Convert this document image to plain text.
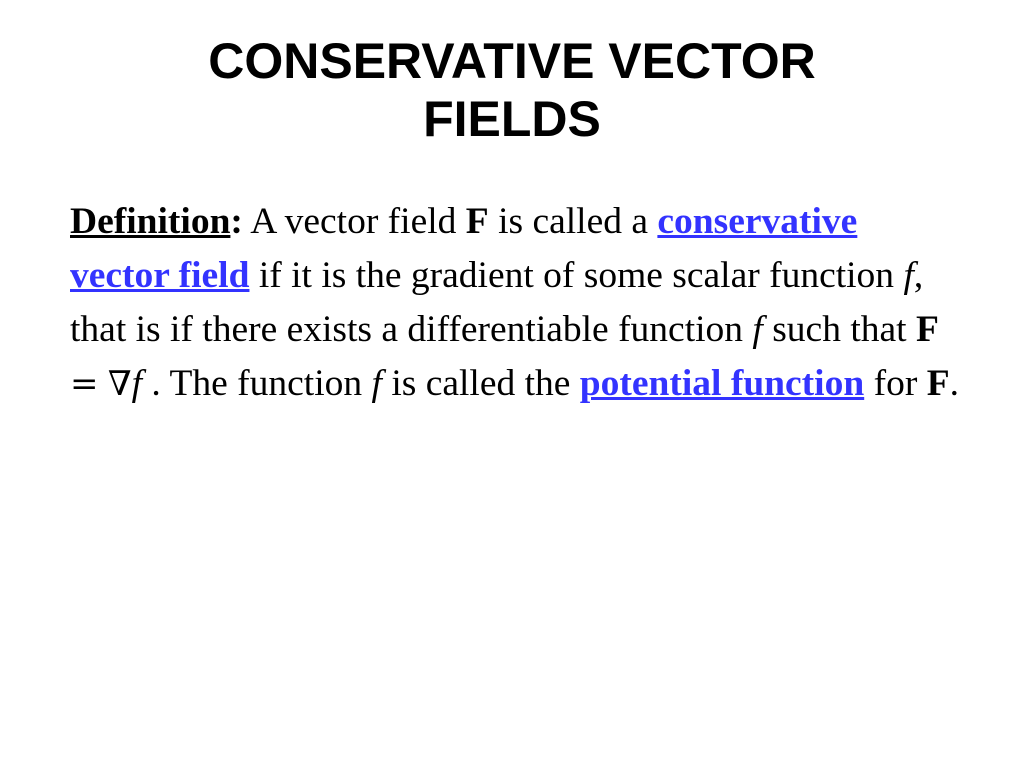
CONSERVATIVE VECTOR
FIELDS

Definition: A vector field F is called a conservative vector field if it is the gradient of some scalar function f, that is if there exists a differentiable function f such that F = ∇f . The function f is called the potential function for F.
